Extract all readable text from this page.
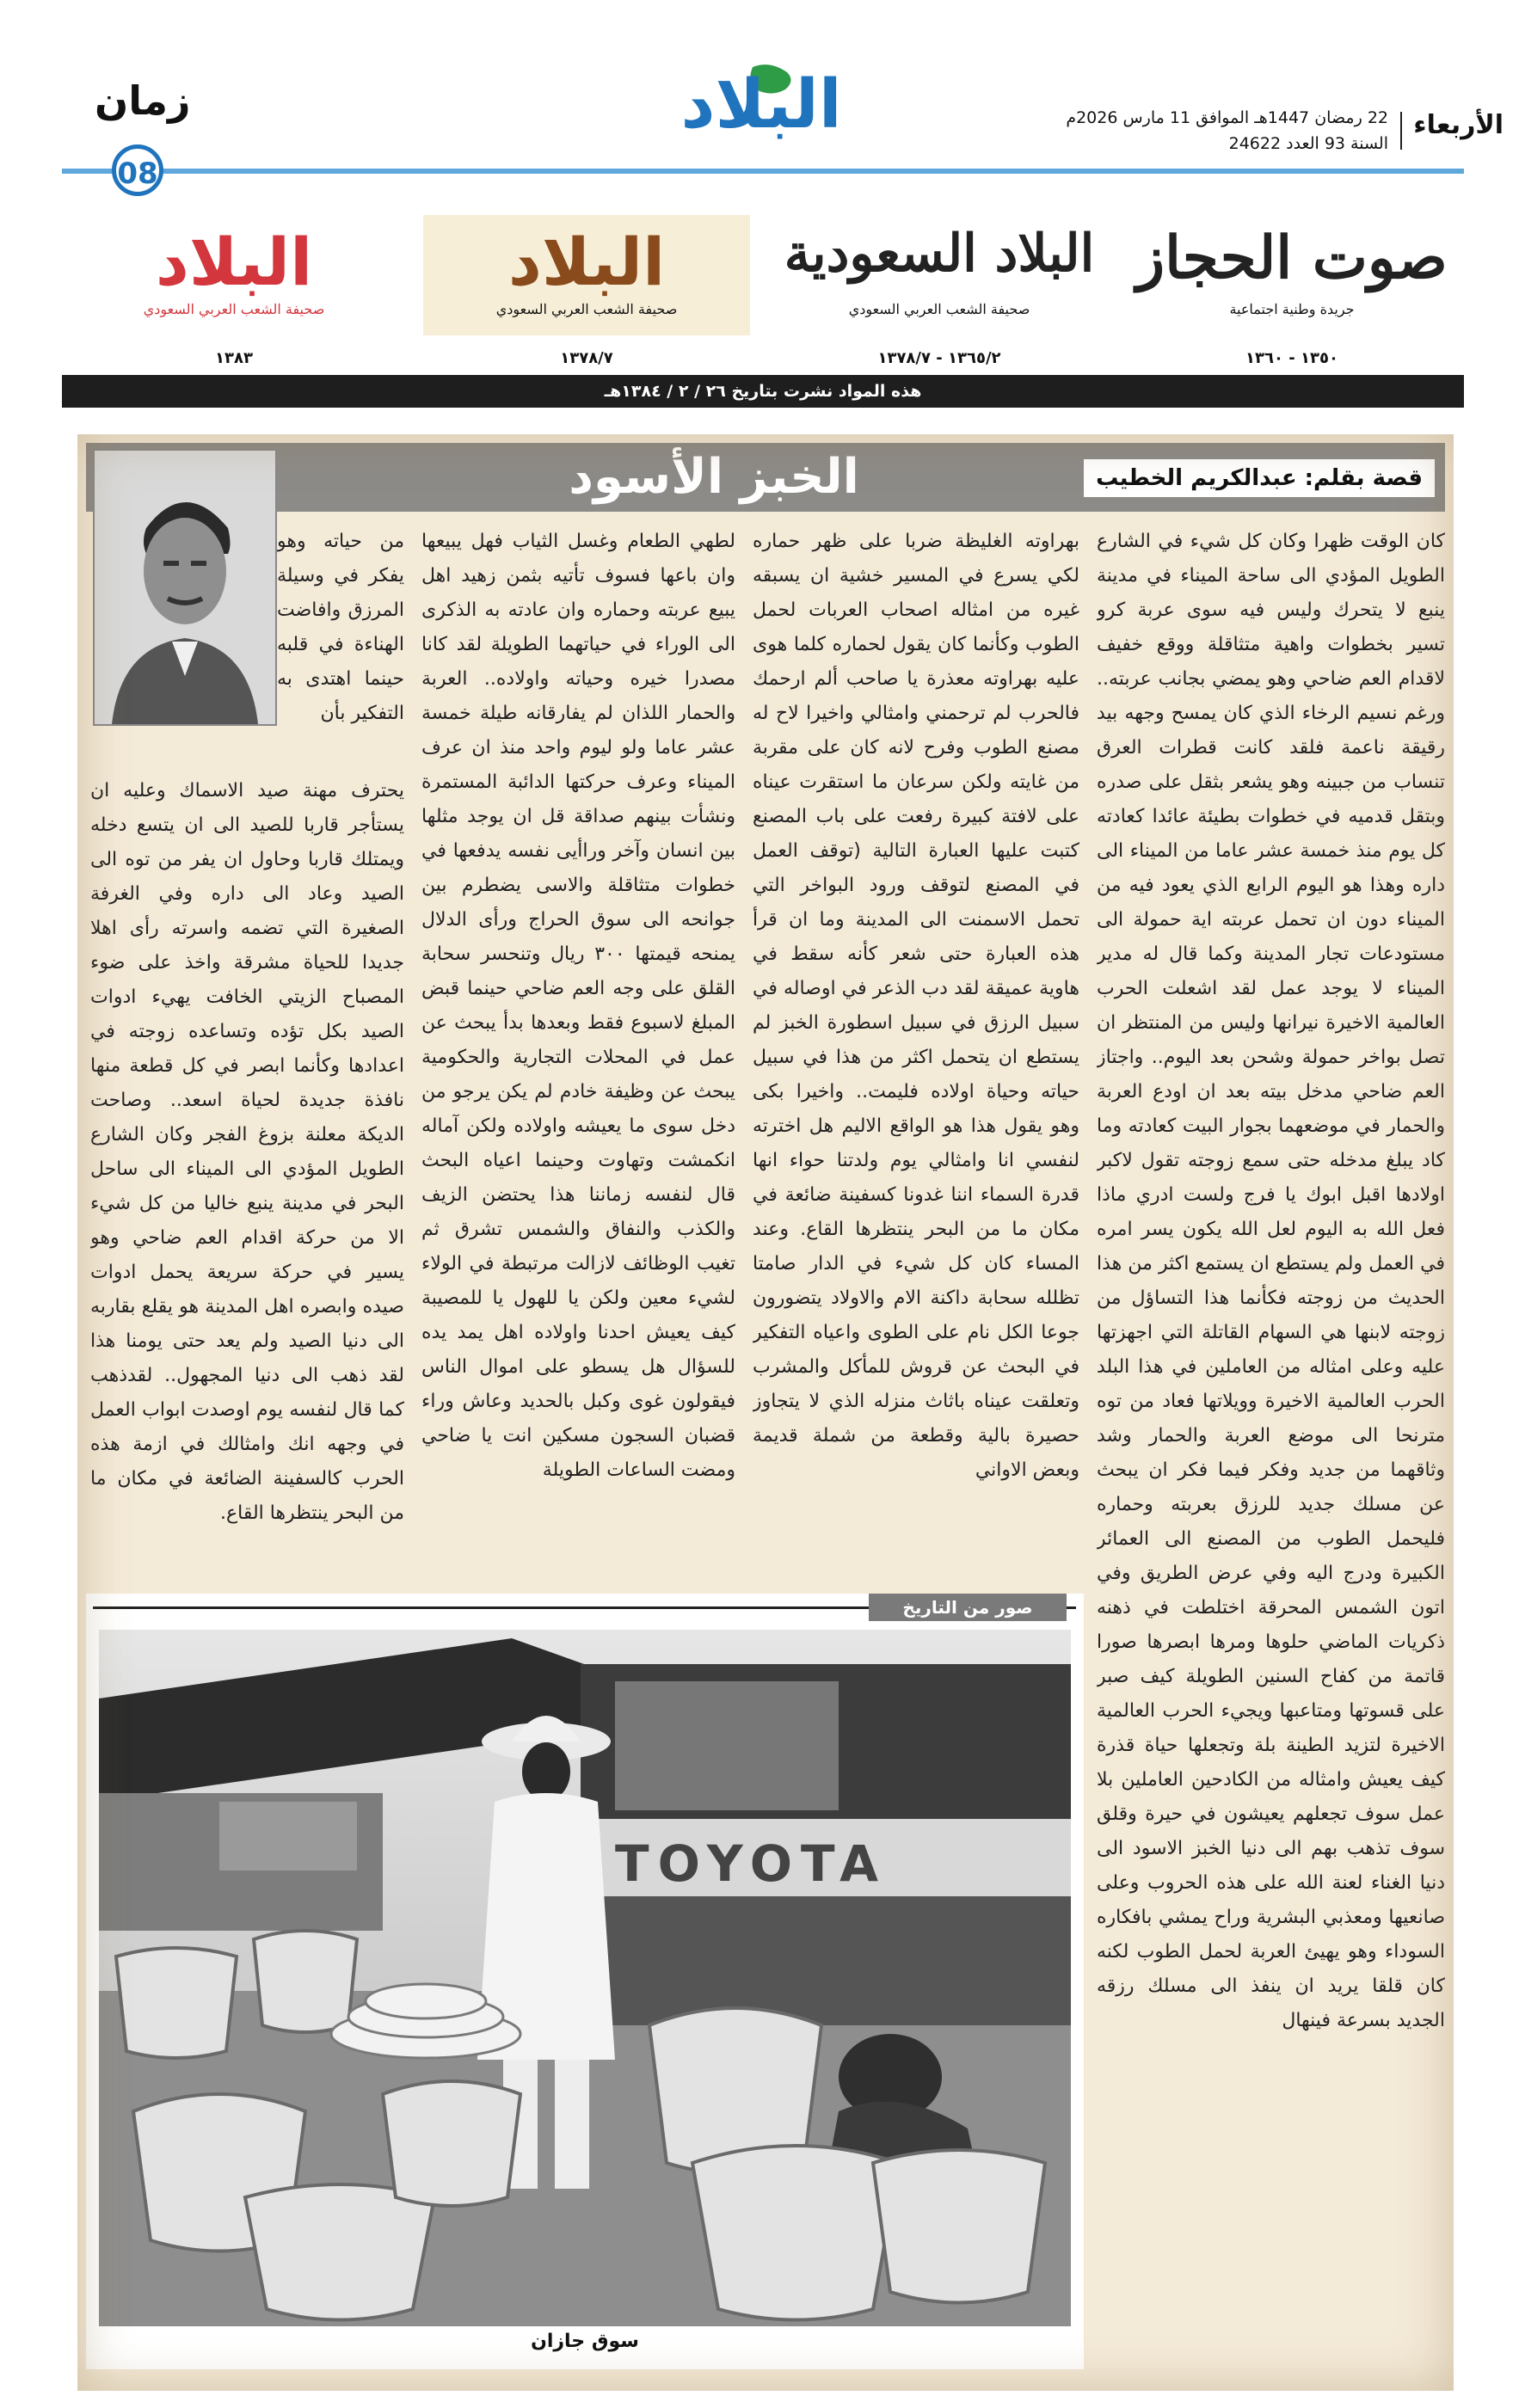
الأربعاء
22 رمضان 1447هـ الموافق 11 مارس 2026م
السنة 93 العدد 24622
البلاد
زمان
08
صوت الحجاز
جريدة وطنية اجتماعية
١٣٥٠ - ١٣٦٠
البلاد السعودية
صحيفة الشعب العربي السعودي
١٣٦٥/٢ - ١٣٧٨/٧
البلاد
صحيفة الشعب العربي السعودي
١٣٧٨/٧
البلاد
صحيفة الشعب العربي السعودي
١٣٨٣
هذه المواد نشرت بتاريخ ٢٦ / ٢ / ١٣٨٤هـ
الخبز الأسود	قصة بقلم: عبدالكريم الخطيب

كان الوقت ظهرا وكان كل شيء في الشارع الطويل المؤدي الى ساحة الميناء في مدينة ينبع لا يتحرك وليس فيه سوى عربة كرو تسير بخطوات واهية متثاقلة ووقع خفيف لاقدام العم ضاحي وهو يمضي بجانب عربته.. ورغم نسيم الرخاء الذي كان يمسح وجهه بيد رقيقة ناعمة فلقد كانت قطرات العرق تنساب من جبينه وهو يشعر بثقل على صدره وبتقل قدميه في خطوات بطيئة عائدا كعادته كل يوم منذ خمسة عشر عاما من الميناء الى داره وهذا هو اليوم الرابع الذي يعود فيه من الميناء دون ان تحمل عربته اية حمولة الى مستودعات تجار المدينة وكما قال له مدير الميناء لا يوجد عمل لقد اشعلت الحرب العالمية الاخيرة نيرانها وليس من المنتظر ان تصل بواخر حمولة وشحن بعد اليوم.. واجتاز العم ضاحي مدخل بيته بعد ان اودع العربة والحمار في موضعهما بجوار البيت كعادته وما كاد يبلغ مدخله حتى سمع زوجته تقول لاكبر اولادها اقبل ابوك يا فرج ولست ادري ماذا فعل الله به اليوم لعل الله يكون يسر امره في العمل ولم يستطع ان يستمع اكثر من هذا الحديث من زوجته فكأنما هذا التساؤل من زوجته لابنها هي السهام القاتلة التي اجهزتها عليه وعلى امثاله من العاملين في هذا البلد الحرب العالمية الاخيرة وويلاتها فعاد من توه مترنحا الى موضع العربة والحمار وشد وثاقهما من جديد وفكر فيما فكر ان يبحث عن مسلك جديد للرزق بعربته وحماره فليحمل الطوب من المصنع الى العمائر الكبيرة ودرج اليه وفي عرض الطريق وفي اتون الشمس المحرقة اختلطت في ذهنه ذكريات الماضي حلوها ومرها ابصرها صورا قاتمة من كفاح السنين الطويلة كيف صبر على قسوتها ومتاعبها ويجيء الحرب العالمية الاخيرة لتزيد الطينة بلة وتجعلها حياة قذرة كيف يعيش وامثاله من الكادحين العاملين بلا عمل سوف تجعلهم يعيشون في حيرة وقلق سوف تذهب بهم الى دنيا الخبز الاسود الى دنيا الغناء لعنة الله على هذه الحروب وعلى صانعيها ومعذبي البشرية وراح يمشي بافكاره السوداء وهو يهيئ العربة لحمل الطوب لكنه كان قلقا يريد ان ينفذ الى مسلك رزقه الجديد بسرعة فينهال

بهراوته الغليظة ضربا على ظهر حماره لكي يسرع في المسير خشية ان يسبقه غيره من امثاله اصحاب العربات لحمل الطوب وكأنما كان يقول لحماره كلما هوى عليه بهراوته معذرة يا صاحب ألم ارحمك فالحرب لم ترحمني وامثالي واخيرا لاح له مصنع الطوب وفرح لانه كان على مقربة من غايته ولكن سرعان ما استقرت عيناه على لافتة كبيرة رفعت على باب المصنع كتبت عليها العبارة التالية (توقف العمل في المصنع لتوقف ورود البواخر التي تحمل الاسمنت الى المدينة وما ان قرأ هذه العبارة حتى شعر كأنه سقط في هاوية عميقة لقد دب الذعر في اوصاله في سبيل الرزق في سبيل اسطورة الخبز لم يستطع ان يتحمل اكثر من هذا في سبيل حياته وحياة اولاده فليمت.. واخيرا بكى وهو يقول هذا هو الواقع الاليم هل اخترته لنفسي انا وامثالي يوم ولدتنا حواء انها قدرة السماء اننا غدونا كسفينة ضائعة في مكان ما من البحر ينتظرها القاع. وعند المساء كان كل شيء في الدار صامتا تظلله سحابة داكنة الام والاولاد يتضورون جوعا الكل نام على الطوى واعياه التفكير في البحث عن قروش للمأكل والمشرب وتعلقت عيناه باثاث منزله الذي لا يتجاوز حصيرة بالية وقطعة من شملة قديمة وبعض الاواني

لطهي الطعام وغسل الثياب فهل يبيعها وان باعها فسوف تأتيه بثمن زهيد اهل يبيع عربته وحماره وان عادته به الذكرى الى الوراء في حياتهما الطويلة لقد كانا مصدرا خيره وحياته واولاده.. العربة والحمار اللذان لم يفارقانه طيلة خمسة عشر عاما ولو ليوم واحد منذ ان عرف الميناء وعرف حركتها الدائبة المستمرة ونشأت بينهم صداقة قل ان يوجد مثلها بين انسان وآخر وراأيى نفسه يدفعها في خطوات متثاقلة والاسى يضطرم بين جوانحه الى سوق الحراج ورأى الدلال يمنحه قيمتها ٣٠٠ ريال وتنحسر سحابة القلق على وجه العم ضاحي حينما قبض المبلغ لاسبوع فقط وبعدها بدأ يبحث عن عمل في المحلات التجارية والحكومية يبحث عن وظيفة خادم لم يكن يرجو من دخل سوى ما يعيشه واولاده ولكن آماله انكمشت وتهاوت وحينما اعياه البحث قال لنفسه زماننا هذا يحتضن الزيف والكذب والنفاق والشمس تشرق ثم تغيب الوظائف لازالت مرتبطة في الولاء لشيء معين ولكن يا للهول يا للمصيبة كيف يعيش احدنا واولاده اهل يمد يده للسؤال هل يسطو على اموال الناس فيقولون غوى وكبل بالحديد وعاش وراء قضبان السجون مسكين انت يا ضاحي ومضت الساعات الطويلة

من حياته وهو يفكر في وسيلة المرزق وافاضت الهناءة في قلبه حينما اهتدى به التفكير بأن

يحترف مهنة صيد الاسماك وعليه ان يستأجر قاربا للصيد الى ان يتسع دخله ويمتلك قاربا وحاول ان يفر من توه الى الصيد وعاد الى داره وفي الغرفة الصغيرة التي تضمه واسرته رأى اهلا جديدا للحياة مشرقة واخذ على ضوء المصباح الزيتي الخافت يهيء ادوات الصيد بكل تؤده وتساعده زوجته في اعدادها وكأنما ابصر في كل قطعة منها نافذة جديدة لحياة اسعد.. وصاحت الديكة معلنة بزوغ الفجر وكان الشارع الطويل المؤدي الى الميناء الى ساحل البحر في مدينة ينبع خاليا من كل شيء الا من حركة اقدام العم ضاحي وهو يسير في حركة سريعة يحمل ادوات صيده وابصره اهل المدينة هو يقلع بقاربه الى دنيا الصيد ولم يعد حتى يومنا هذا لقد ذهب الى دنيا المجهول.. لقدذهب كما قال لنفسه يوم اوصدت ابواب العمل في وجهه انك وامثالك في ازمة هذه الحرب كالسفينة الضائعة في مكان ما من البحر ينتظرها القاع.

صور من التاريخ
TOYOTA
سوق جازان
